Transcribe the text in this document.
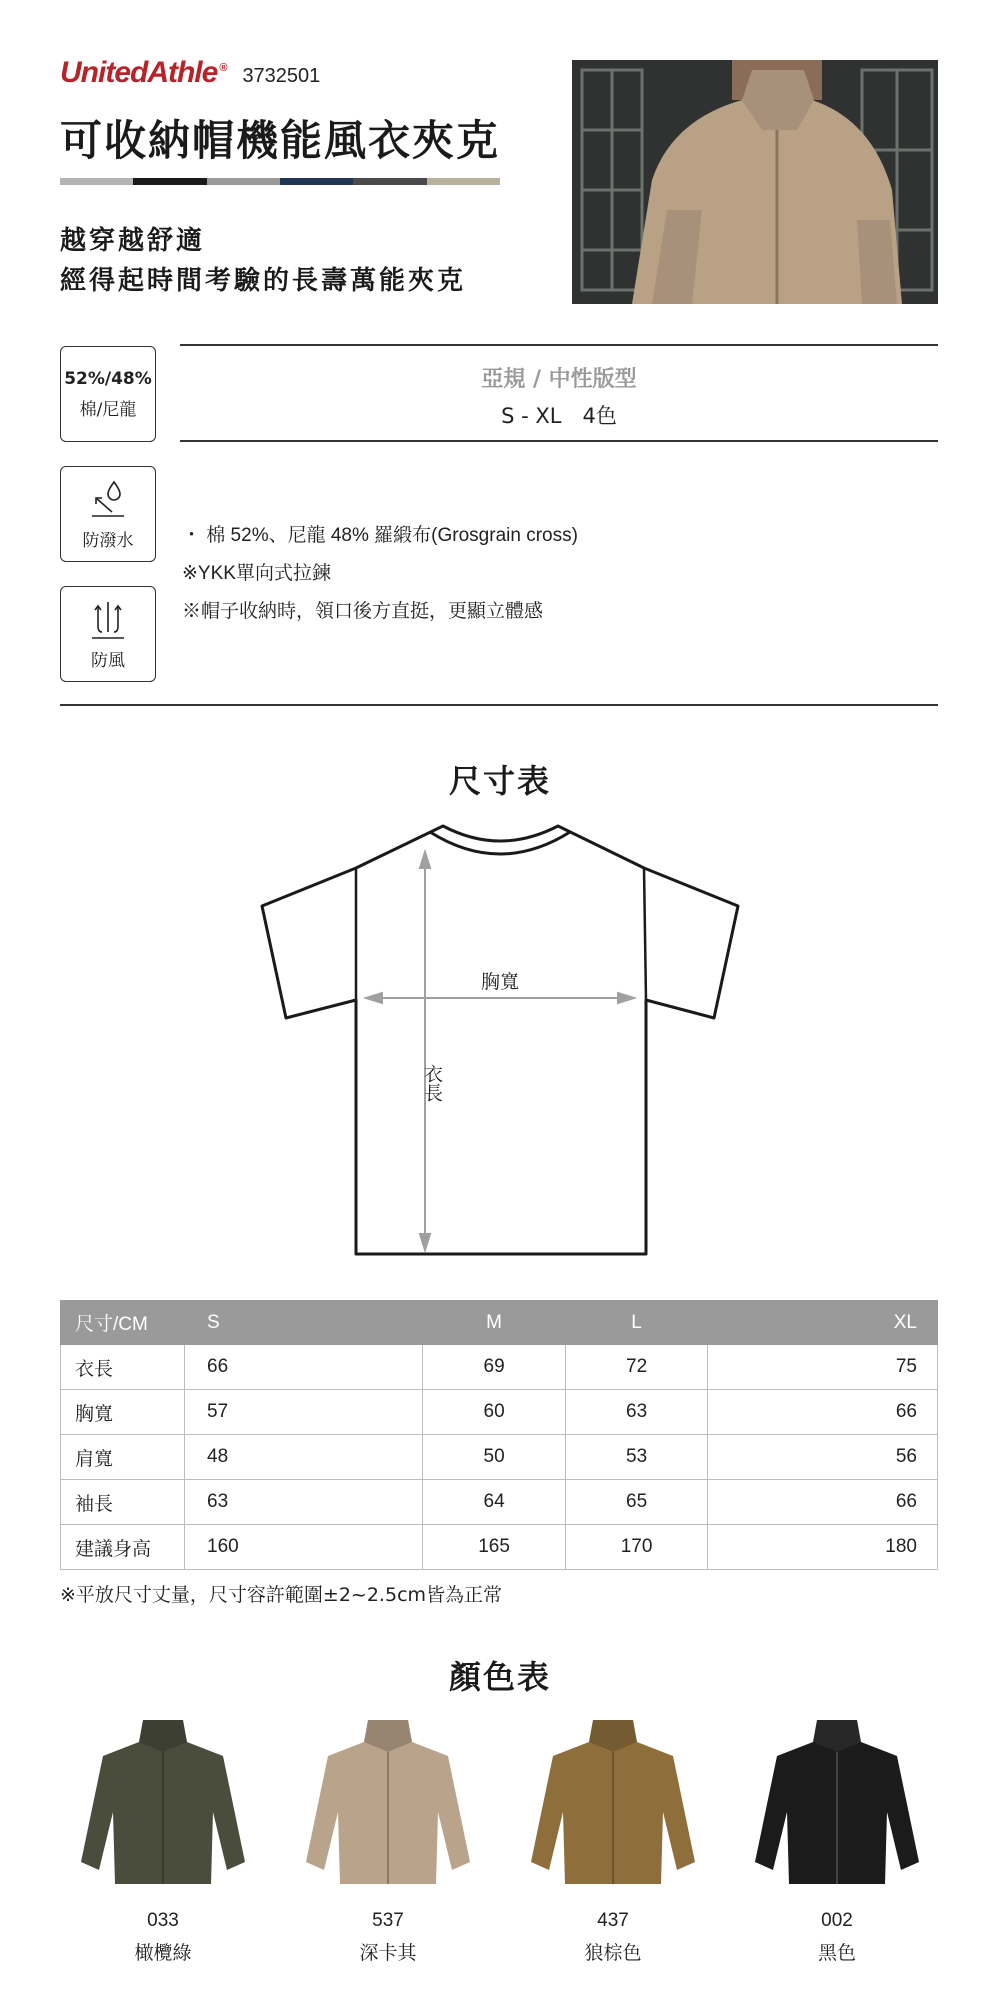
UnitedAthle ® 3732501
可收納帽機能風衣夾克
越穿越舒適
經得起時間考驗的長壽萬能夾克
52%/48%
棉/尼龍
防潑水
防風
亞規 / 中性版型
S - XL　4色
・ 棉 52%、尼龍 48% 羅緞布(Grosgrain cross)
※YKK單向式拉鍊
※帽子收納時，領口後方直挺，更顯立體感
尺寸表
胸寬
衣長
尺寸/CM	S	M	L	XL
衣長	66	69	72	75
胸寬	57	60	63	66
肩寬	48	50	53	56
袖長	63	64	65	66
建議身高	160	165	170	180
※平放尺寸丈量，尺寸容許範圍±2~2.5cm皆為正常
顏色表
033
橄欖綠
537
深卡其
437
狼棕色
002
黑色
